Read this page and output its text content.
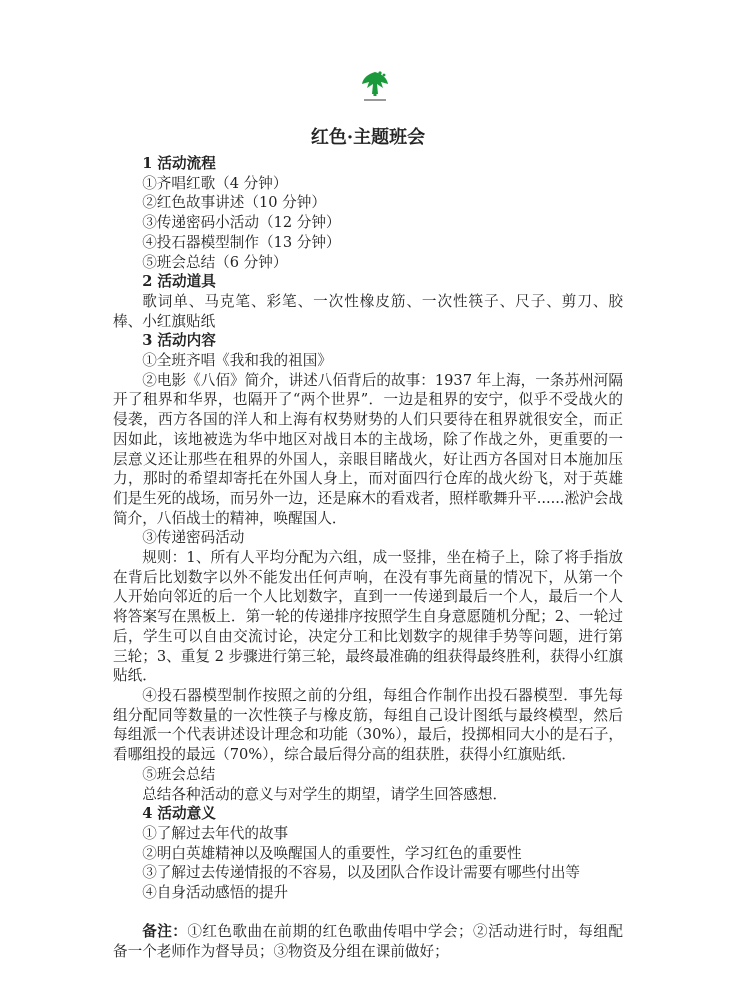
红色·主题班会

1 活动流程

①齐唱红歌（4 分钟）

②红色故事讲述（10 分钟）

③传递密码小活动（12 分钟）

④投石器模型制作（13 分钟）

⑤班会总结（6 分钟）

2 活动道具

歌词单、马克笔、彩笔、一次性橡皮筋、一次性筷子、尺子、剪刀、胶棒、小红旗贴纸

3 活动内容

①全班齐唱《我和我的祖国》

②电影《八佰》简介，讲述八佰背后的故事：1937 年上海，一条苏州河隔开了租界和华界，也隔开了“两个世界”．一边是租界的安宁，似乎不受战火的侵袭，西方各国的洋人和上海有权势财势的人们只要待在租界就很安全，而正因如此，该地被选为华中地区对战日本的主战场，除了作战之外，更重要的一层意义还让那些在租界的外国人，亲眼目睹战火，好让西方各国对日本施加压力，那时的希望却寄托在外国人身上，而对面四行仓库的战火纷飞，对于英雄们是生死的战场，而另外一边，还是麻木的看戏者，照样歌舞升平......淞沪会战简介，八佰战士的精神，唤醒国人．

③传递密码活动

规则：1、所有人平均分配为六组，成一竖排，坐在椅子上，除了将手指放在背后比划数字以外不能发出任何声响，在没有事先商量的情况下，从第一个人开始向邻近的后一个人比划数字，直到一一传递到最后一个人，最后一个人将答案写在黑板上．第一轮的传递排序按照学生自身意愿随机分配；2、一轮过后，学生可以自由交流讨论，决定分工和比划数字的规律手势等问题，进行第三轮；3、重复 2 步骤进行第三轮，最终最准确的组获得最终胜利，获得小红旗贴纸．

④投石器模型制作按照之前的分组，每组合作制作出投石器模型．事先每组分配同等数量的一次性筷子与橡皮筋，每组自己设计图纸与最终模型，然后每组派一个代表讲述设计理念和功能（30%），最后，投掷相同大小的是石子，看哪组投的最远（70%），综合最后得分高的组获胜，获得小红旗贴纸．

⑤班会总结

总结各种活动的意义与对学生的期望，请学生回答感想．

4 活动意义

①了解过去年代的故事

②明白英雄精神以及唤醒国人的重要性，学习红色的重要性

③了解过去传递情报的不容易，以及团队合作设计需要有哪些付出等

④自身活动感悟的提升

备注：①红色歌曲在前期的红色歌曲传唱中学会；②活动进行时，每组配备一个老师作为督导员；③物资及分组在课前做好；
